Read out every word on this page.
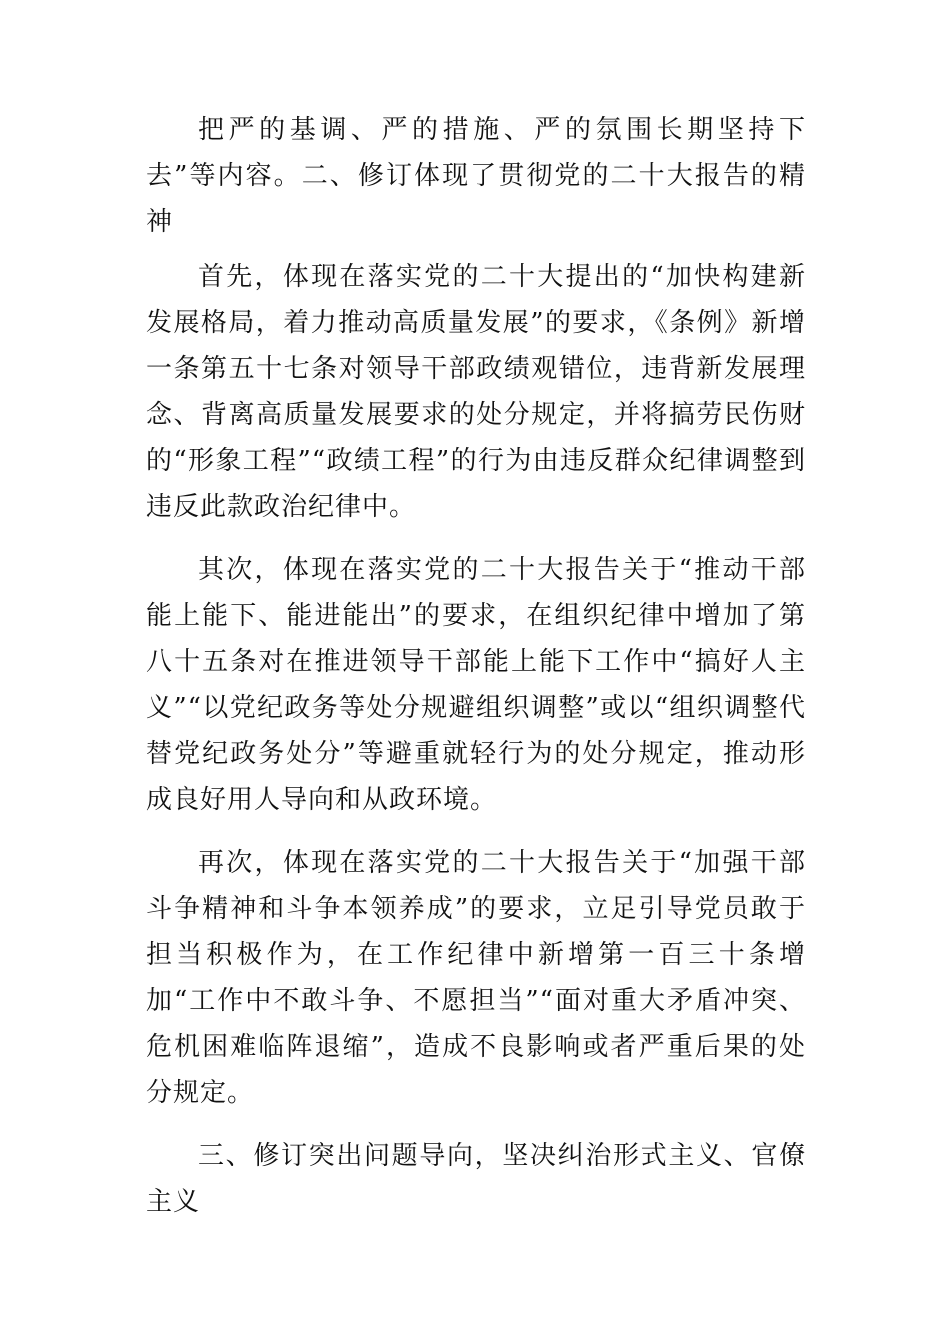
把严的基调、严的措施、严的氛围长期坚持下去”等内容。二、修订体现了贯彻党的二十大报告的精神

首先，体现在落实党的二十大提出的“加快构建新发展格局，着力推动高质量发展”的要求，《条例》新增一条第五十七条对领导干部政绩观错位，违背新发展理念、背离高质量发展要求的处分规定，并将搞劳民伤财的“形象工程”“政绩工程”的行为由违反群众纪律调整到违反此款政治纪律中。

其次，体现在落实党的二十大报告关于“推动干部能上能下、能进能出”的要求，在组织纪律中增加了第八十五条对在推进领导干部能上能下工作中“搞好人主义”“以党纪政务等处分规避组织调整”或以“组织调整代替党纪政务处分”等避重就轻行为的处分规定，推动形成良好用人导向和从政环境。

再次，体现在落实党的二十大报告关于“加强干部斗争精神和斗争本领养成”的要求，立足引导党员敢于担当积极作为，在工作纪律中新增第一百三十条增加“工作中不敢斗争、不愿担当”“面对重大矛盾冲突、危机困难临阵退缩”，造成不良影响或者严重后果的处分规定。

三、修订突出问题导向，坚决纠治形式主义、官僚主义
